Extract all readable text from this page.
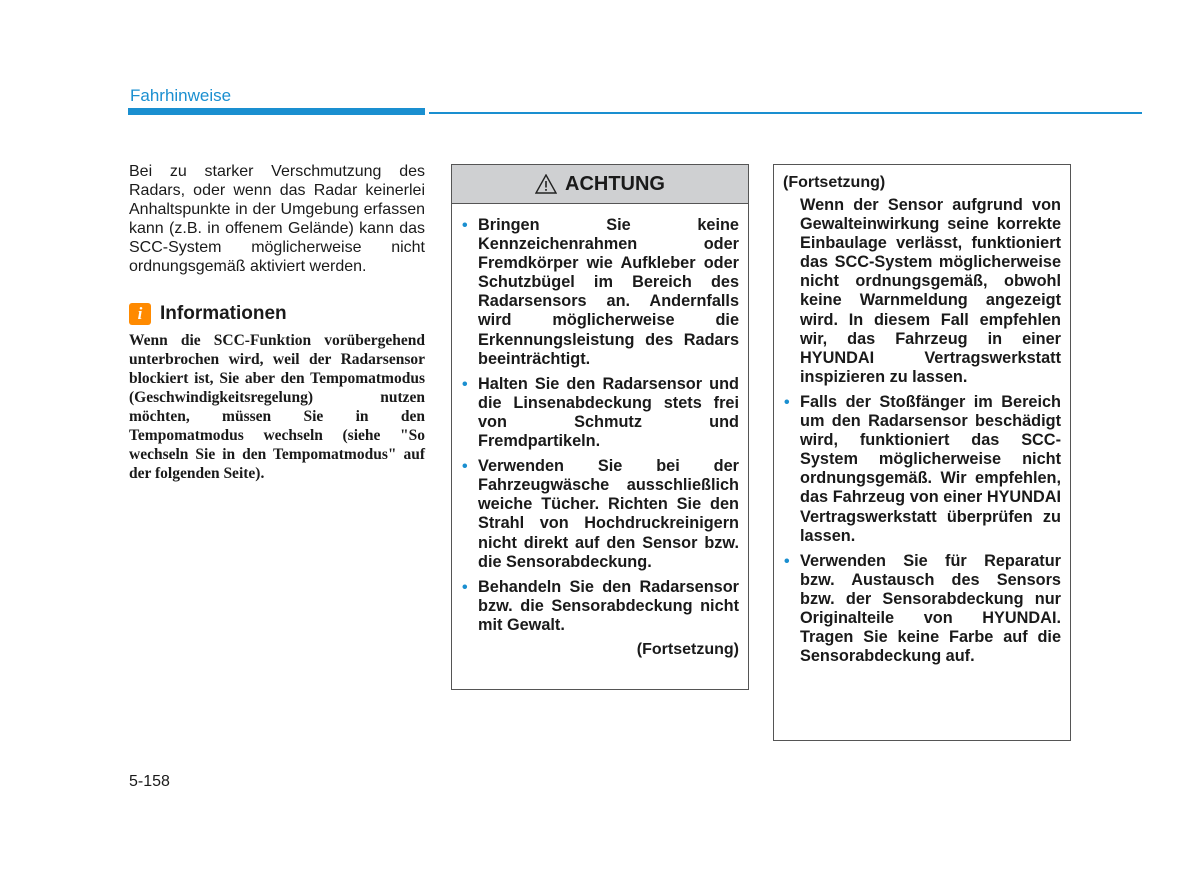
Fahrhinweise

Bei zu starker Verschmutzung des Radars, oder wenn das Radar keinerlei Anhaltspunkte in der Umgebung erfassen kann (z.B. in offenem Gelände) kann das SCC-System möglicherweise nicht ordnungsgemäß aktiviert werden.

i Informationen

Wenn die SCC-Funktion vorübergehend unterbrochen wird, weil der Radarsensor blockiert ist, Sie aber den Tempomatmodus (Geschwindigkeitsregelung) nutzen möchten, müssen Sie in den Tempomatmodus wechseln (siehe "So wechseln Sie in den Tempomatmodus" auf der folgenden Seite).

ACHTUNG
• Bringen Sie keine Kennzeichenrahmen oder Fremdkörper wie Aufkleber oder Schutzbügel im Bereich des Radarsensors an. Andernfalls wird möglicherweise die Erkennungsleistung des Radars beeinträchtigt.
• Halten Sie den Radarsensor und die Linsenabdeckung stets frei von Schmutz und Fremdpartikeln.
• Verwenden Sie bei der Fahrzeugwäsche ausschließlich weiche Tücher. Richten Sie den Strahl von Hochdruckreinigern nicht direkt auf den Sensor bzw. die Sensorabdeckung.
• Behandeln Sie den Radarsensor bzw. die Sensorabdeckung nicht mit Gewalt.
(Fortsetzung)
(Fortsetzung)
Wenn der Sensor aufgrund von Gewalteinwirkung seine korrekte Einbaulage verlässt, funktioniert das SCC-System möglicherweise nicht ordnungsgemäß, obwohl keine Warnmeldung angezeigt wird. In diesem Fall empfehlen wir, das Fahrzeug in einer HYUNDAI Vertragswerkstatt inspizieren zu lassen.
• Falls der Stoßfänger im Bereich um den Radarsensor beschädigt wird, funktioniert das SCC-System möglicherweise nicht ordnungsgemäß. Wir empfehlen, das Fahrzeug von einer HYUNDAI Vertragswerkstatt überprüfen zu lassen.
• Verwenden Sie für Reparatur bzw. Austausch des Sensors bzw. der Sensorabdeckung nur Originalteile von HYUNDAI. Tragen Sie keine Farbe auf die Sensorabdeckung auf.
5-158
